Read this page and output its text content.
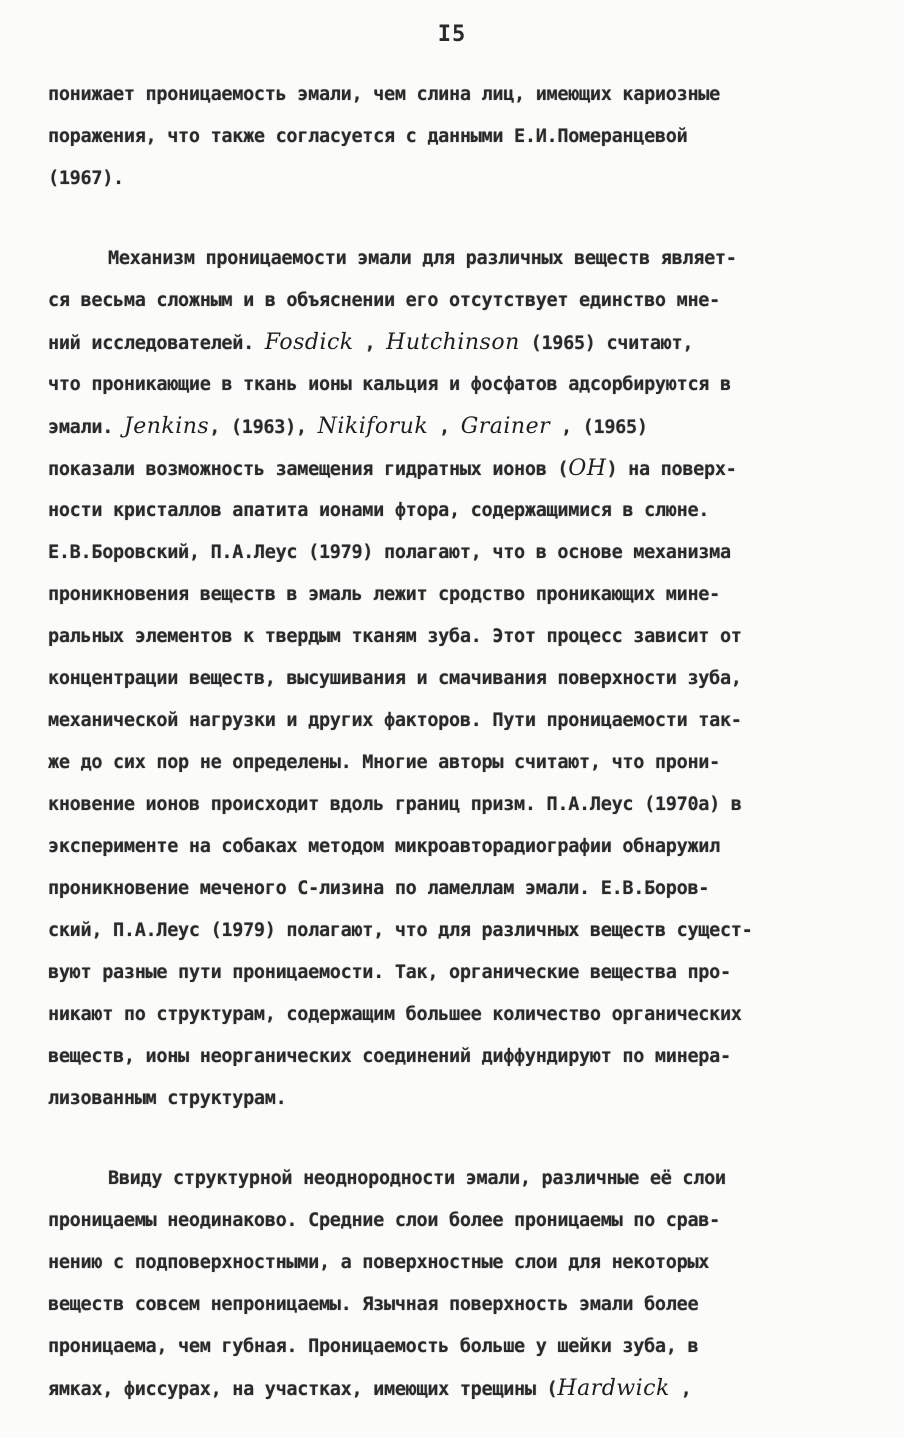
I5
понижает проницаемость эмали, чем слина лиц, имеющих кариозные
поражения, что также согласуется с данными Е.И.Помеpанцевой
(1967).
Механизм проницаемости эмали для различных веществ являет-
ся весьма сложным и в объяснении его отсутствует единство мне-
ний исследователей. Fosdick , Hutchinson (1965) считают,
что проникающие в ткань ионы кальция и фосфатов адсорбируются в
эмали. Jenkins, (1963), Nikiforuk , Grainer , (1965)
показали возможность замещения гидратных ионов (OH) на поверх-
ности кристаллов апатита ионами фтора, содержащимися в слюне.
Е.В.Боровский, П.А.Леус (1979) полагают, что в основе механизма
проникновения веществ в эмаль лежит сродство проникающих мине-
ральных элементов к твердым тканям зуба. Этот процесс зависит от
концентрации веществ, высушивания и смачивания поверхности зуба,
механической нагрузки и других факторов. Пути проницаемости так-
же до сих пор не определены. Многие авторы считают, что прони-
кновение ионов происходит вдоль границ призм. П.А.Леус (1970а) в
эксперименте на собаках методом микроавторадиографии обнаружил
проникновение меченого С-лизина по ламеллам эмали. Е.В.Боров-
ский, П.А.Леус (1979) полагают, что для различных веществ сущест-
вуют разные пути проницаемости. Так, органические вещества про-
никают по структурам, содержащим большее количество органических
веществ, ионы неорганических соединений диффундируют по минера-
лизованным структурам.
Ввиду структурной неоднородности эмали, различные её слои
проницаемы неодинаково. Средние слои более проницаемы по срав-
нению с подповерхностными, а поверхностные слои для некоторых
веществ совсем непроницаемы. Язычная поверхность эмали более
проницаема, чем губная. Проницаемость больше у шейки зуба, в
ямках, фиссурах, на участках, имеющих трещины (Hardwick ,
